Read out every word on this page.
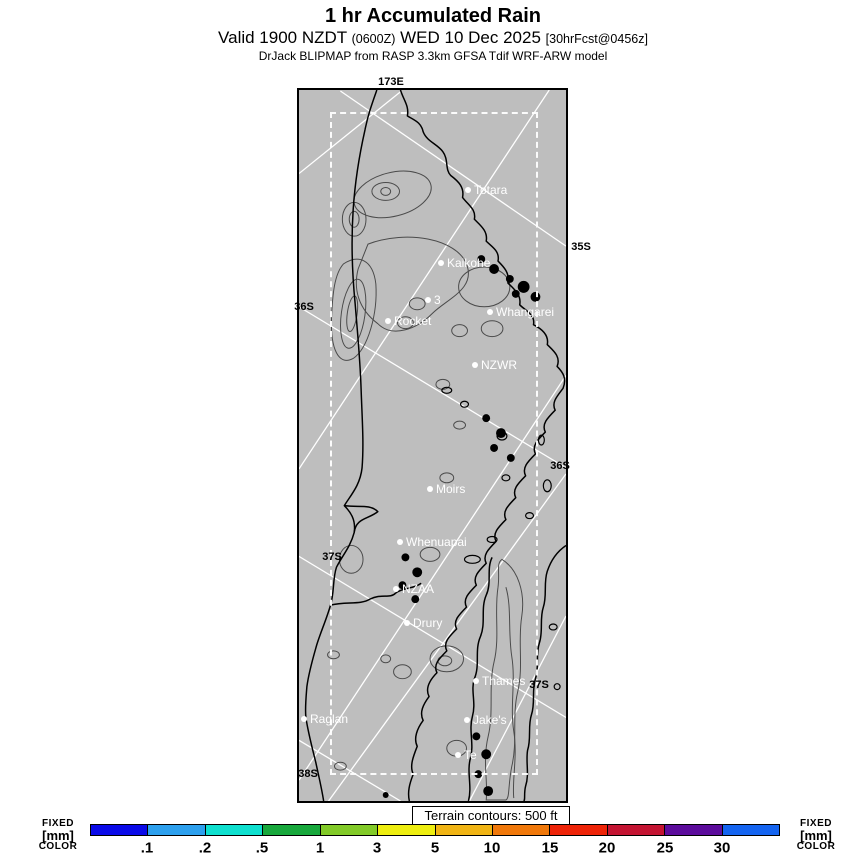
1 hr Accumulated Rain
Valid 1900 NZDT (0600Z) WED 10 Dec 2025 [30hrFcst@0456z]
DrJack BLIPMAP from RASP 3.3km GFSA Tdif WRF-ARW model
Totara
Kaikohe
3
Rocket
Whangarei
NZWR
Moirs
Whenuapai
NZAA
Drury
Thames
Jake's
Te
Raglan
173E
35S
36S
36S
37S
37S
38S
Terrain contours: 500 ft
FIXED
[mm]
COLOR	.1	.2	.5	1	3	5	10	15	20	25	30
FIXED
[mm]
COLOR
